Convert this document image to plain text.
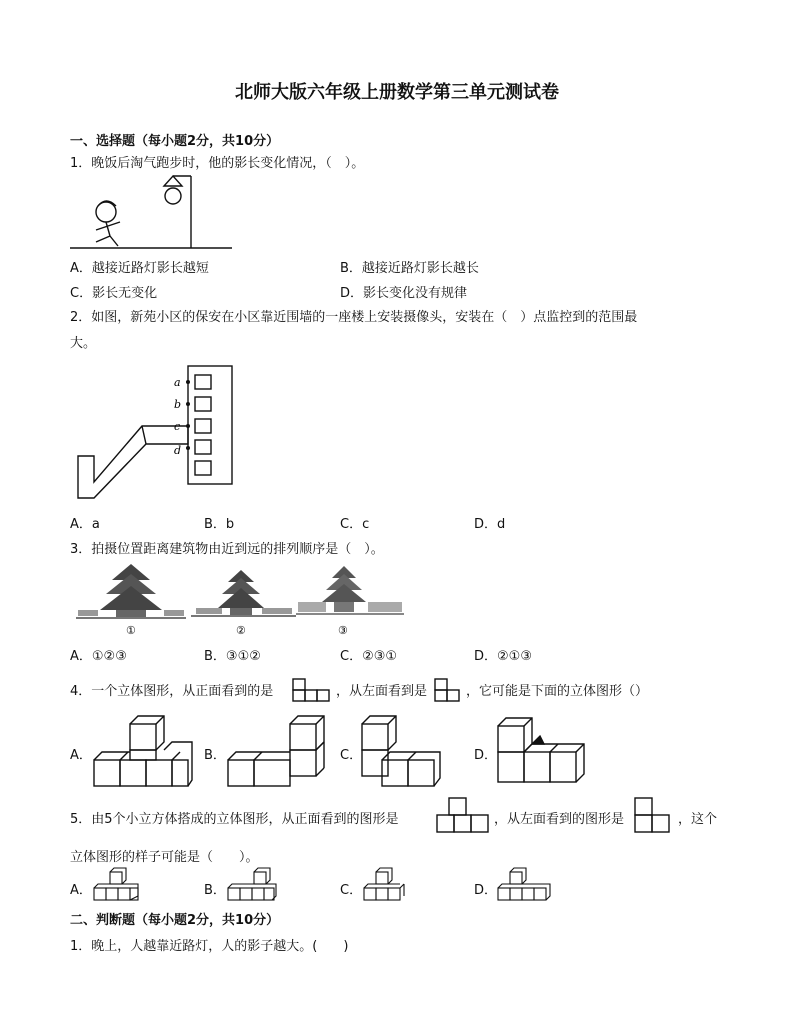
北师大版六年级上册数学第三单元测试卷
一、选择题（每小题2分，共10分）
1．晚饭后淘气跑步时，他的影长变化情况，（　）。
A．越接近路灯影长越短	B．越接近路灯影长越长
C．影长无变化	D．影长变化没有规律
2．如图，新苑小区的保安在小区靠近围墙的一座楼上安装摄像头，安装在（　）点监控到的范围最
大。
a
b
c
d
A．a	B．b	C．c	D．d
3．拍摄位置距离建筑物由近到远的排列顺序是（　）。
①	②	③
A．①②③	B．③①②	C．②③①	D．②①③
4．一个立体图形，从正面看到的是	，从左面看到是	，它可能是下面的立体图形（）
A．	B．	C．	D．
5．由5个小立方体搭成的立体图形，从正面看到的图形是	，从左面看到的图形是	，这个
立体图形的样子可能是（　　）。
A．	B．	C．	D．
二、判断题（每小题2分，共10分）
1．晚上，人越靠近路灯，人的影子越大。(　　)
